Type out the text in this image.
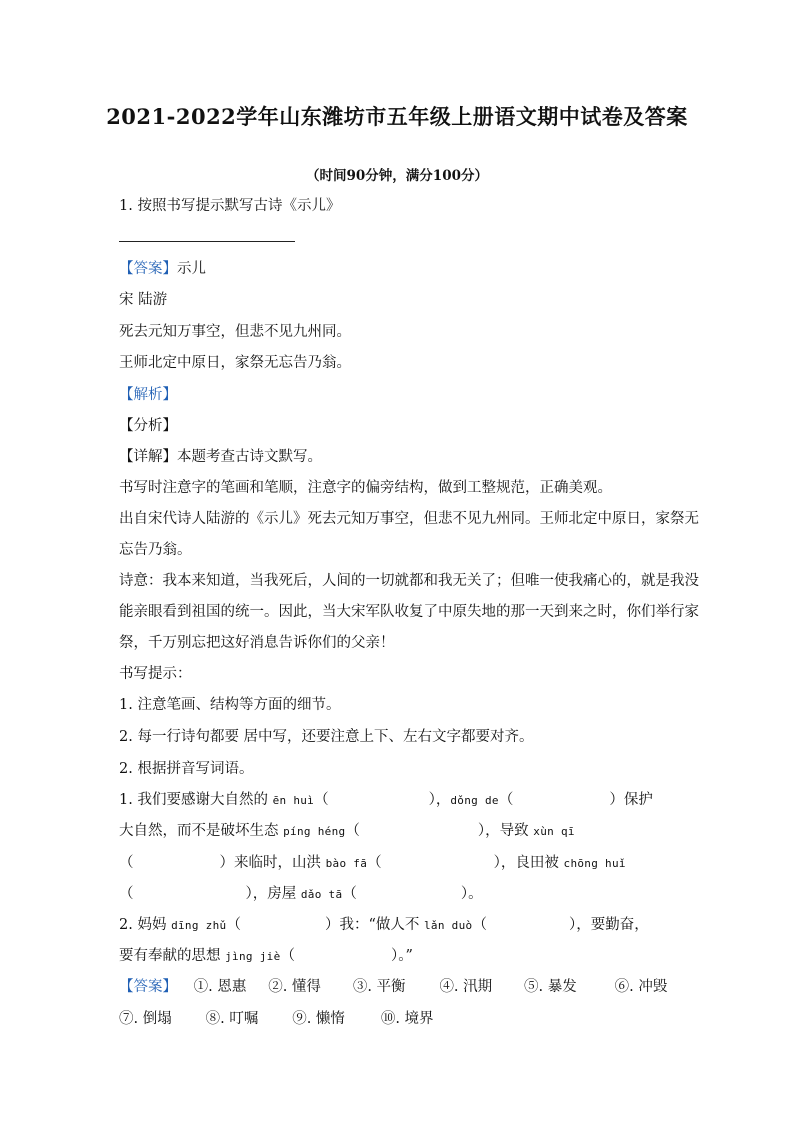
2021-2022学年山东潍坊市五年级上册语文期中试卷及答案
（时间90分钟，满分100分）
1. 按照书写提示默写古诗《示儿》
【答案】示儿
宋 陆游
死去元知万事空，但悲不见九州同。
王师北定中原日，家祭无忘告乃翁。
【解析】
【分析】
【详解】本题考查古诗文默写。
书写时注意字的笔画和笔顺，注意字的偏旁结构，做到工整规范，正确美观。
出自宋代诗人陆游的《示儿》死去元知万事空，但悲不见九州同。王师北定中原日，家祭无
忘告乃翁。
诗意：我本来知道，当我死后，人间的一切就都和我无关了；但唯一使我痛心的，就是我没
能亲眼看到祖国的统一。因此，当大宋军队收复了中原失地的那一天到来之时，你们举行家
祭，千万别忘把这好消息告诉你们的父亲！
书写提示：
1. 注意笔画、结构等方面的细节。
2. 每一行诗句都要 居中写，还要注意上下、左右文字都要对齐。
2. 根据拼音写词语。
1. 我们要感谢大自然的 ēn huì（	），dǒng de（	）保护
大自然，而不是破坏生态 píng héng（	），导致 xùn qī
（	）来临时，山洪 bào fā（	），良田被 chōng huǐ
（	），房屋 dǎo tā（	）。
2. 妈妈 dīng zhǔ（	）我：“做人不 lǎn duò（	），要勤奋，
要有奉献的思想 jìng jiè（	）。”
【答案】 ①. 恩惠 ②. 懂得 ③. 平衡 ④. 汛期 ⑤. 暴发	⑥. 冲毁
⑦. 倒塌 ⑧. 叮嘱 ⑨. 懒惰 ⑩. 境界
